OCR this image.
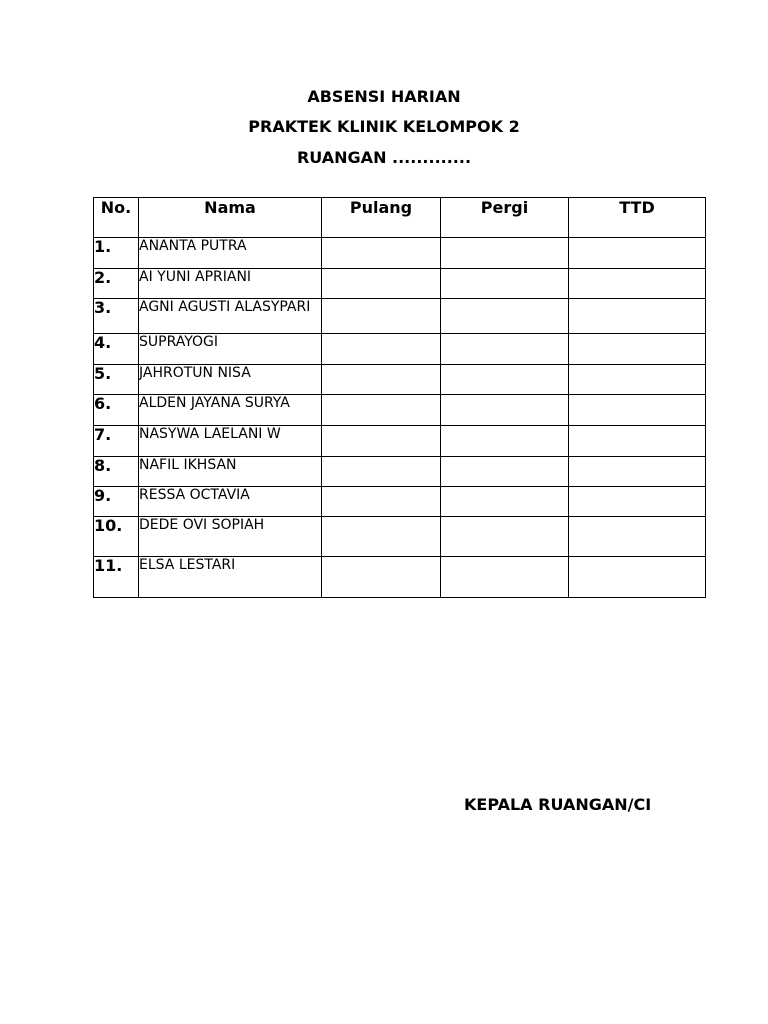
ABSENSI HARIAN
PRAKTEK KLINIK KELOMPOK 2
RUANGAN .............
No.	Nama	Pulang	Pergi	TTD
1.	ANANTA PUTRA			
2.	AI YUNI APRIANI			
3.	AGNI AGUSTI ALASYPARI			
4.	SUPRAYOGI			
5.	JAHROTUN NISA			
6.	ALDEN JAYANA SURYA			
7.	NASYWA LAELANI W			
8.	NAFIL IKHSAN			
9.	RESSA OCTAVIA			
10.	DEDE OVI SOPIAH			
11.	ELSA LESTARI			
KEPALA RUANGAN/CI
